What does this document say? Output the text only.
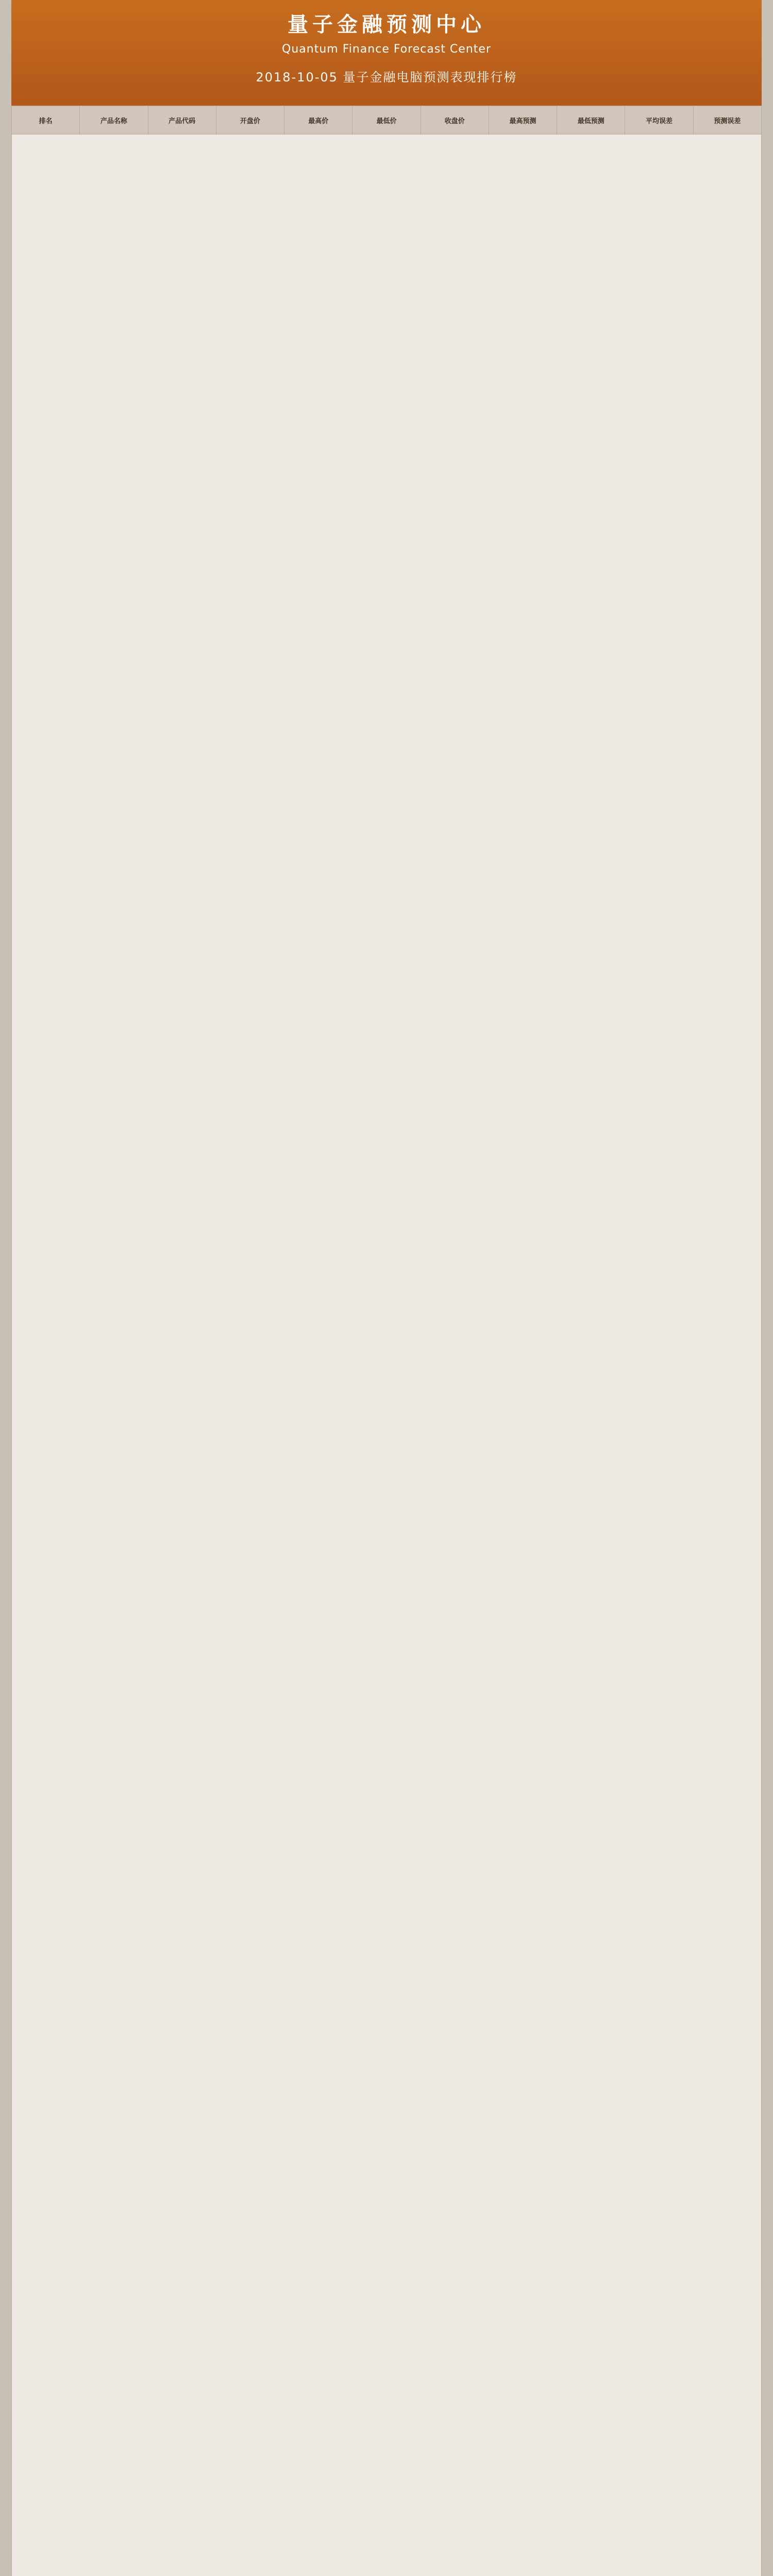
量子金融预测中心
Quantum Finance Forecast Center
2018-10-05 量子金融电脑预测表现排行榜
排名	产品名称	产品代码	开盘价	最高价	最低价	收盘价	最高预测	最低预测	平均误差	预测误差
